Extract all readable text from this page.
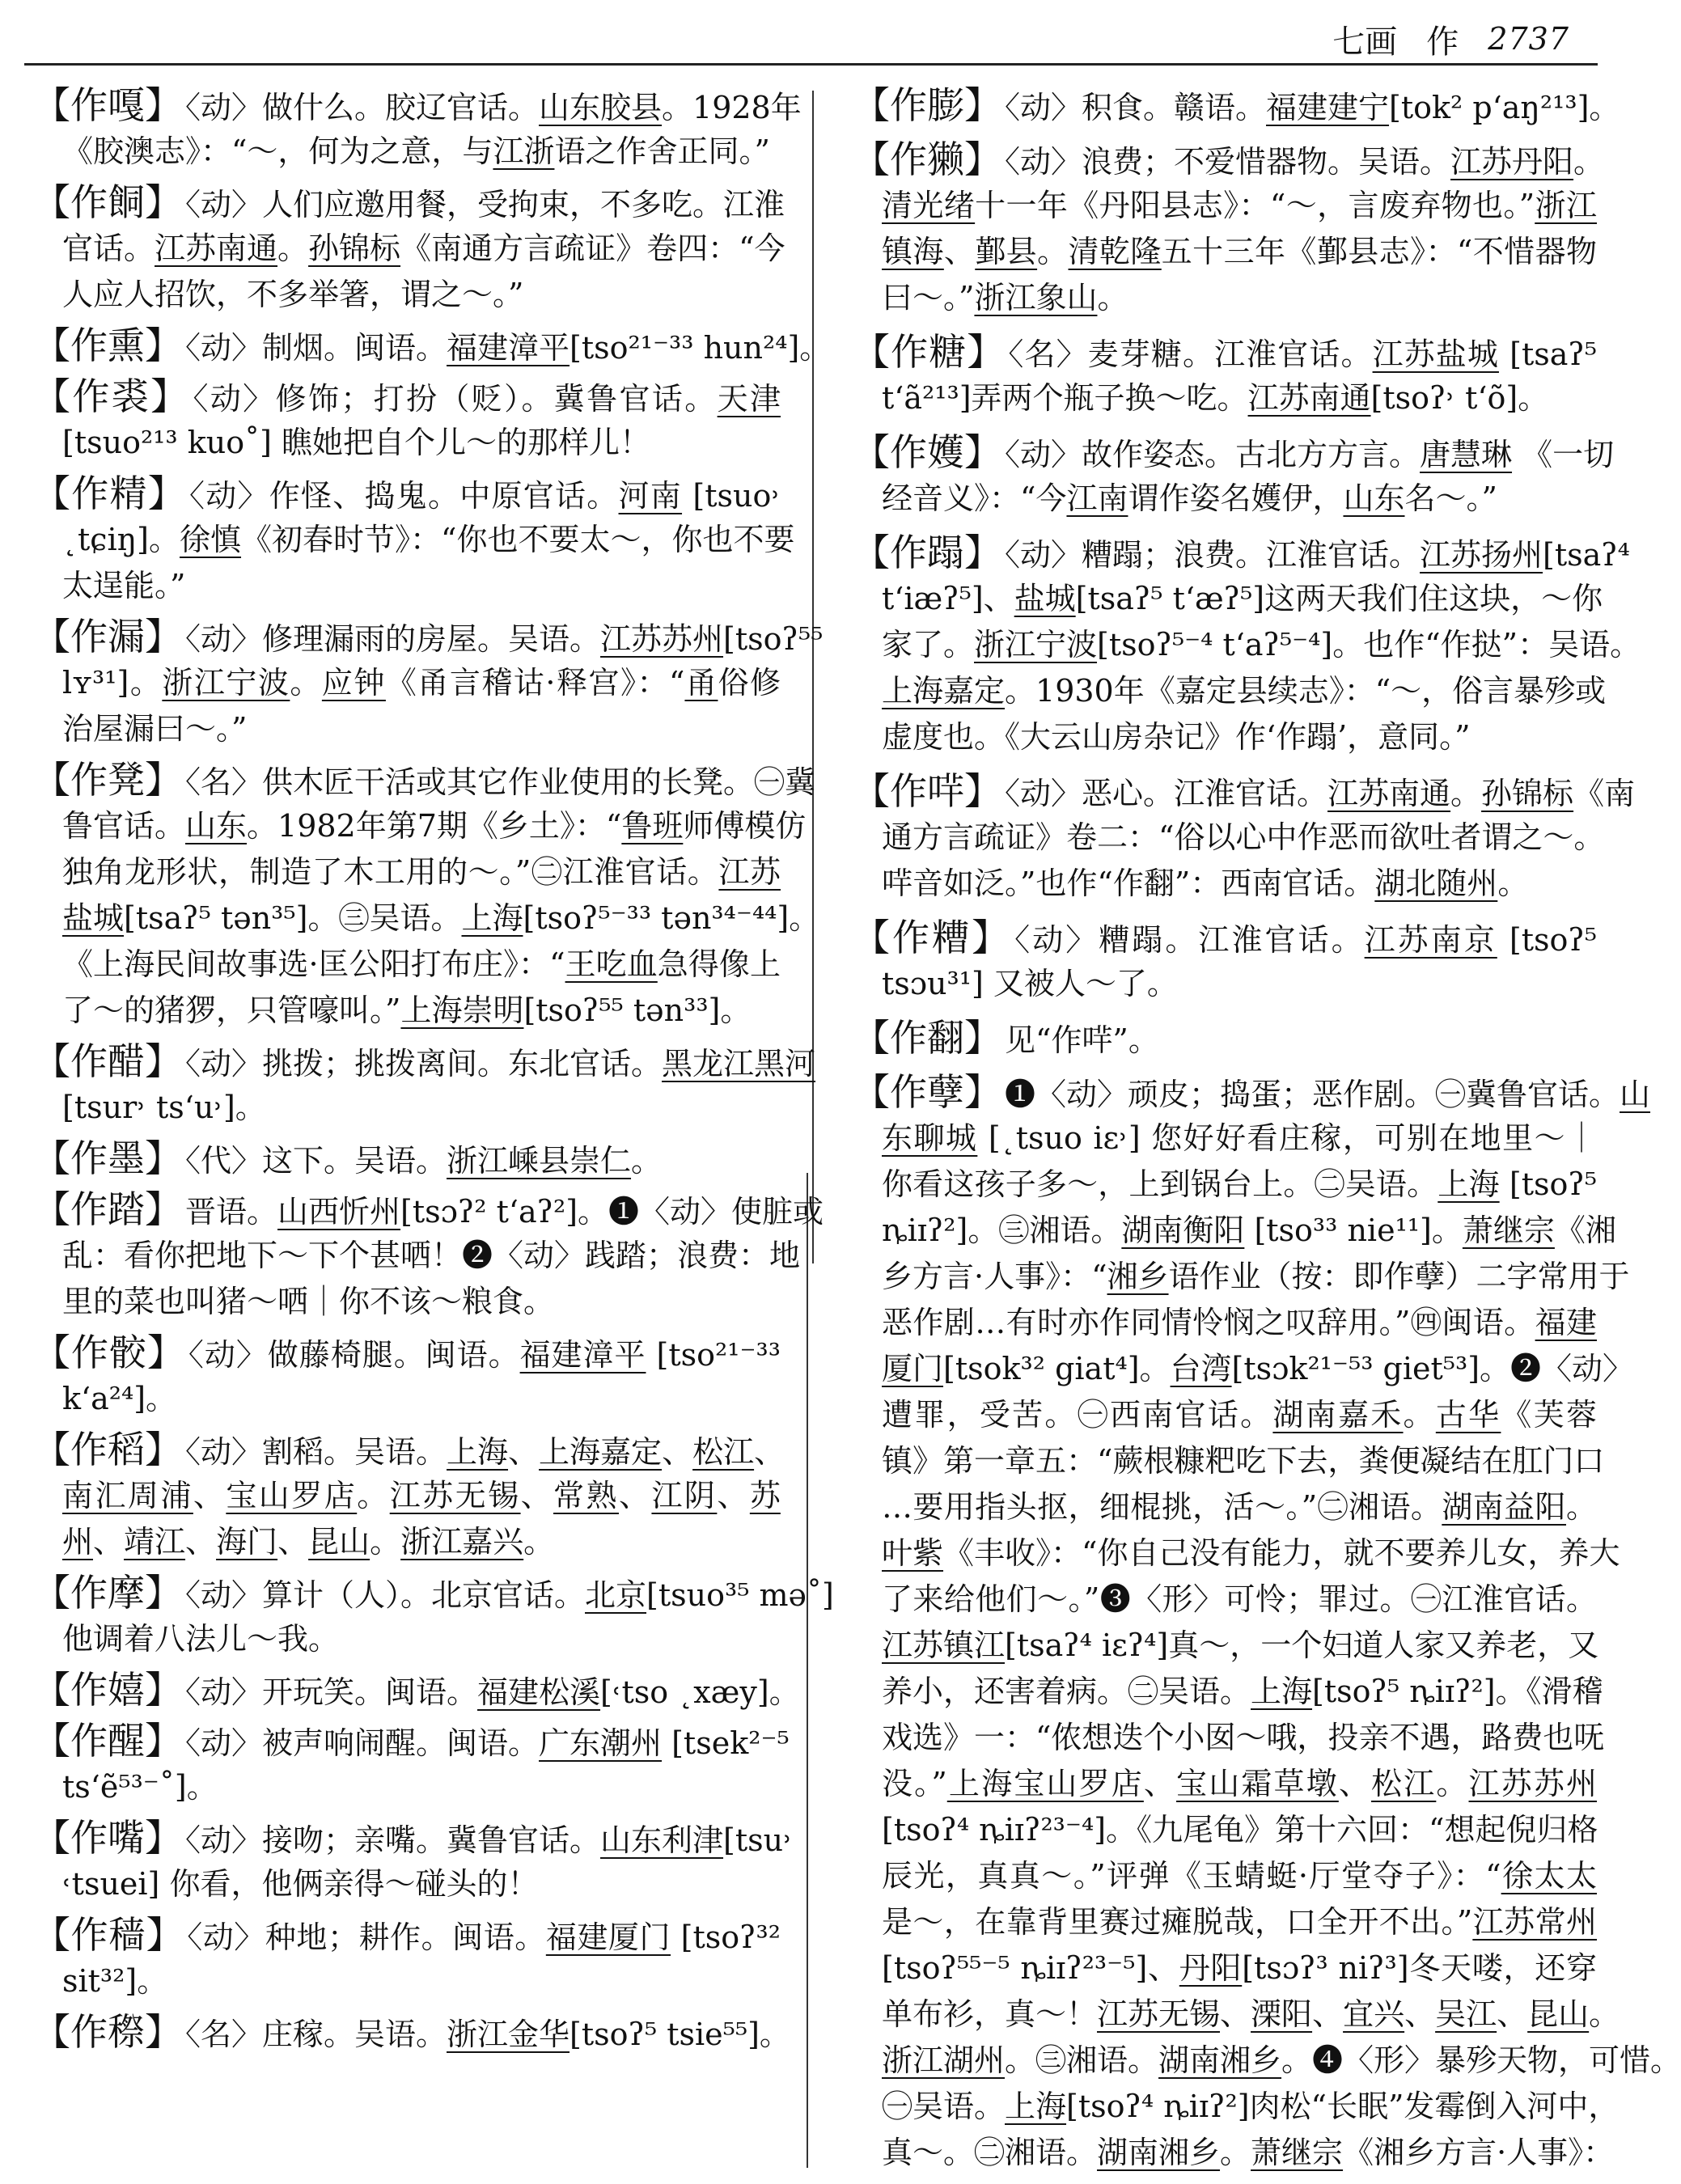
七画 作 2737
【作嘎】 〈动〉做什么。胶辽官话。山东胶县。1928年
《胶澳志》：“～，何为之意，与江浙语之作舍正同。”
【作餇】 〈动〉人们应邀用餐，受拘束，不多吃。江淮
官话。江苏南通。孙锦标《南通方言疏证》卷四：“今
人应人招饮，不多举箸，谓之～。”
【作熏】 〈动〉制烟。闽语。福建漳平[tso²¹⁻³³ hun²⁴]。
【作裘】 〈动〉修饰；打扮（贬）。冀鲁官话。天津
[tsuo²¹³ kuo˚] 瞧她把自个儿～的那样儿！
【作精】 〈动〉作怪、捣鬼。中原官话。河南 [tsuo˒
˛tɕiŋ]。徐慎《初春时节》：“你也不要太～，你也不要
太逞能。”
【作漏】 〈动〉修理漏雨的房屋。吴语。江苏苏州[tsoʔ⁵⁵
lʏ³¹]。浙江宁波。应钟《甬言稽诂·释宫》：“甬俗修
治屋漏曰～。”
【作凳】 〈名〉供木匠干活或其它作业使用的长凳。㊀冀
鲁官话。山东。1982年第7期《乡土》：“鲁班师傅模仿
独角龙形状，制造了木工用的～。”㊁江淮官话。江苏
盐城[tsaʔ⁵ tən³⁵]。㊂吴语。上海[tsoʔ⁵⁻³³ tən³⁴⁻⁴⁴]。
《上海民间故事选·匡公阳打布庄》：“王吃血急得像上
了～的猪猡，只管嚎叫。”上海崇明[tsoʔ⁵⁵ tən³³]。
【作醋】 〈动〉挑拨；挑拨离间。东北官话。黑龙江黑河
[tsur˒ ts‘u˒]。
【作墨】 〈代〉这下。吴语。浙江嵊县崇仁。
【作踏】 晋语。山西忻州[tsɔʔ² t‘aʔ²]。❶〈动〉使脏或
乱：看你把地下～下个甚哂！❷〈动〉践踏；浪费：地
里的菜也叫猪～哂｜你不该～粮食。
【作骹】 〈动〉做藤椅腿。闽语。福建漳平 [tso²¹⁻³³
k‘a²⁴]。
【作稻】 〈动〉割稻。吴语。上海、上海嘉定、松江、
南汇周浦、宝山罗店。江苏无锡、常熟、江阴、苏
州、靖江、海门、昆山。浙江嘉兴。
【作摩】 〈动〉算计（人）。北京官话。北京[tsuo³⁵ mə˚]
他调着八法儿～我。
【作嬉】 〈动〉开玩笑。闽语。福建松溪[˓tso ˛xæy]。
【作醒】 〈动〉被声响闹醒。闽语。广东潮州 [tsek²⁻⁵
ts‘ẽ⁵³⁻˚]。
【作嘴】 〈动〉接吻；亲嘴。冀鲁官话。山东利津[tsu˒
˓tsuei] 你看，他俩亲得～碰头的！
【作穑】 〈动〉种地；耕作。闽语。福建厦门 [tsoʔ³²
sit³²]。
【作穄】 〈名〉庄稼。吴语。浙江金华[tsoʔ⁵ tsie⁵⁵]。
【作膨】 〈动〉积食。赣语。福建建宁[tok² p‘aŋ²¹³]。
【作獭】 〈动〉浪费；不爱惜器物。吴语。江苏丹阳。
清光绪十一年《丹阳县志》：“～，言废弃物也。”浙江
镇海、鄞县。清乾隆五十三年《鄞县志》：“不惜器物
曰～。”浙江象山。
【作糖】 〈名〉麦芽糖。江淮官话。江苏盐城 [tsaʔ⁵
t‘ã²¹³]弄两个瓶子换～吃。江苏南通[tsoʔ˒ t‘õ]。
【作嬳】 〈动〉故作姿态。古北方方言。唐慧琳 《一切
经音义》：“今江南谓作姿名嬳伊，山东名～。”
【作蹋】 〈动〉糟蹋；浪费。江淮官话。江苏扬州[tsaʔ⁴
t‘iæʔ⁵]、盐城[tsaʔ⁵ t‘æʔ⁵]这两天我们住这块，～你
家了。浙江宁波[tsoʔ⁵⁻⁴ t‘aʔ⁵⁻⁴]。也作“作挞”：吴语。
上海嘉定。1930年《嘉定县续志》：“～，俗言暴殄或
虚度也。《大云山房杂记》作‘作蹋’，意同。”
【作哶】 〈动〉恶心。江淮官话。江苏南通。孙锦标《南
通方言疏证》卷二：“俗以心中作恶而欲吐者谓之～。
哶音如泛。”也作“作翻”：西南官话。湖北随州。
【作糟】 〈动〉糟蹋。江淮官话。江苏南京 [tsoʔ⁵
tsɔu³¹] 又被人～了。
【作翻】 见“作哶”。
【作孽】 ❶〈动〉顽皮；捣蛋；恶作剧。㊀冀鲁官话。山
东聊城 [˛tsuo iɛ˒] 您好好看庄稼，可别在地里～｜
你看这孩子多～，上到锅台上。㊁吴语。上海 [tsoʔ⁵
ȵiɪʔ²]。㊂湘语。湖南衡阳 [tso³³ nie¹¹]。萧继宗《湘
乡方言·人事》：“湘乡语作业（按：即作孽）二字常用于
恶作剧…有时亦作同情怜悯之叹辞用。”㊃闽语。福建
厦门[tsok³² giat⁴]。台湾[tsɔk²¹⁻⁵³ giet⁵³]。❷〈动〉
遭罪，受苦。㊀西南官话。湖南嘉禾。古华《芙蓉
镇》第一章五：“蕨根糠粑吃下去，粪便凝结在肛门口
…要用指头抠，细棍挑，活～。”㊁湘语。湖南益阳。
叶紫《丰收》：“你自己没有能力，就不要养儿女，养大
了来给他们～。”❸〈形〉可怜；罪过。㊀江淮官话。
江苏镇江[tsaʔ⁴ iɛʔ⁴]真～，一个妇道人家又养老，又
养小，还害着病。㊁吴语。上海[tsoʔ⁵ ȵiɪʔ²]。《滑稽
戏选》一：“侬想迭个小囡～哦，投亲不遇，路费也呒
没。”上海宝山罗店、宝山霜草墩、松江。江苏苏州
[tsoʔ⁴ ȵiɪʔ²³⁻⁴]。《九尾龟》第十六回：“想起倪归格
辰光，真真～。”评弹《玉蜻蜓·厅堂夺子》：“徐太太
是～，在靠背里赛过瘫脱哉，口全开不出。”江苏常州
[tsoʔ⁵⁵⁻⁵ ȵiɪʔ²³⁻⁵]、丹阳[tsɔʔ³ niʔ³]冬天喽，还穿
单布衫，真～！江苏无锡、溧阳、宜兴、吴江、昆山。
浙江湖州。㊂湘语。湖南湘乡。❹〈形〉暴殄天物，可惜。
㊀吴语。上海[tsoʔ⁴ ȵiɪʔ²]肉松“长眠”发霉倒入河中，
真～。㊁湘语。湖南湘乡。萧继宗《湘乡方言·人事》：
